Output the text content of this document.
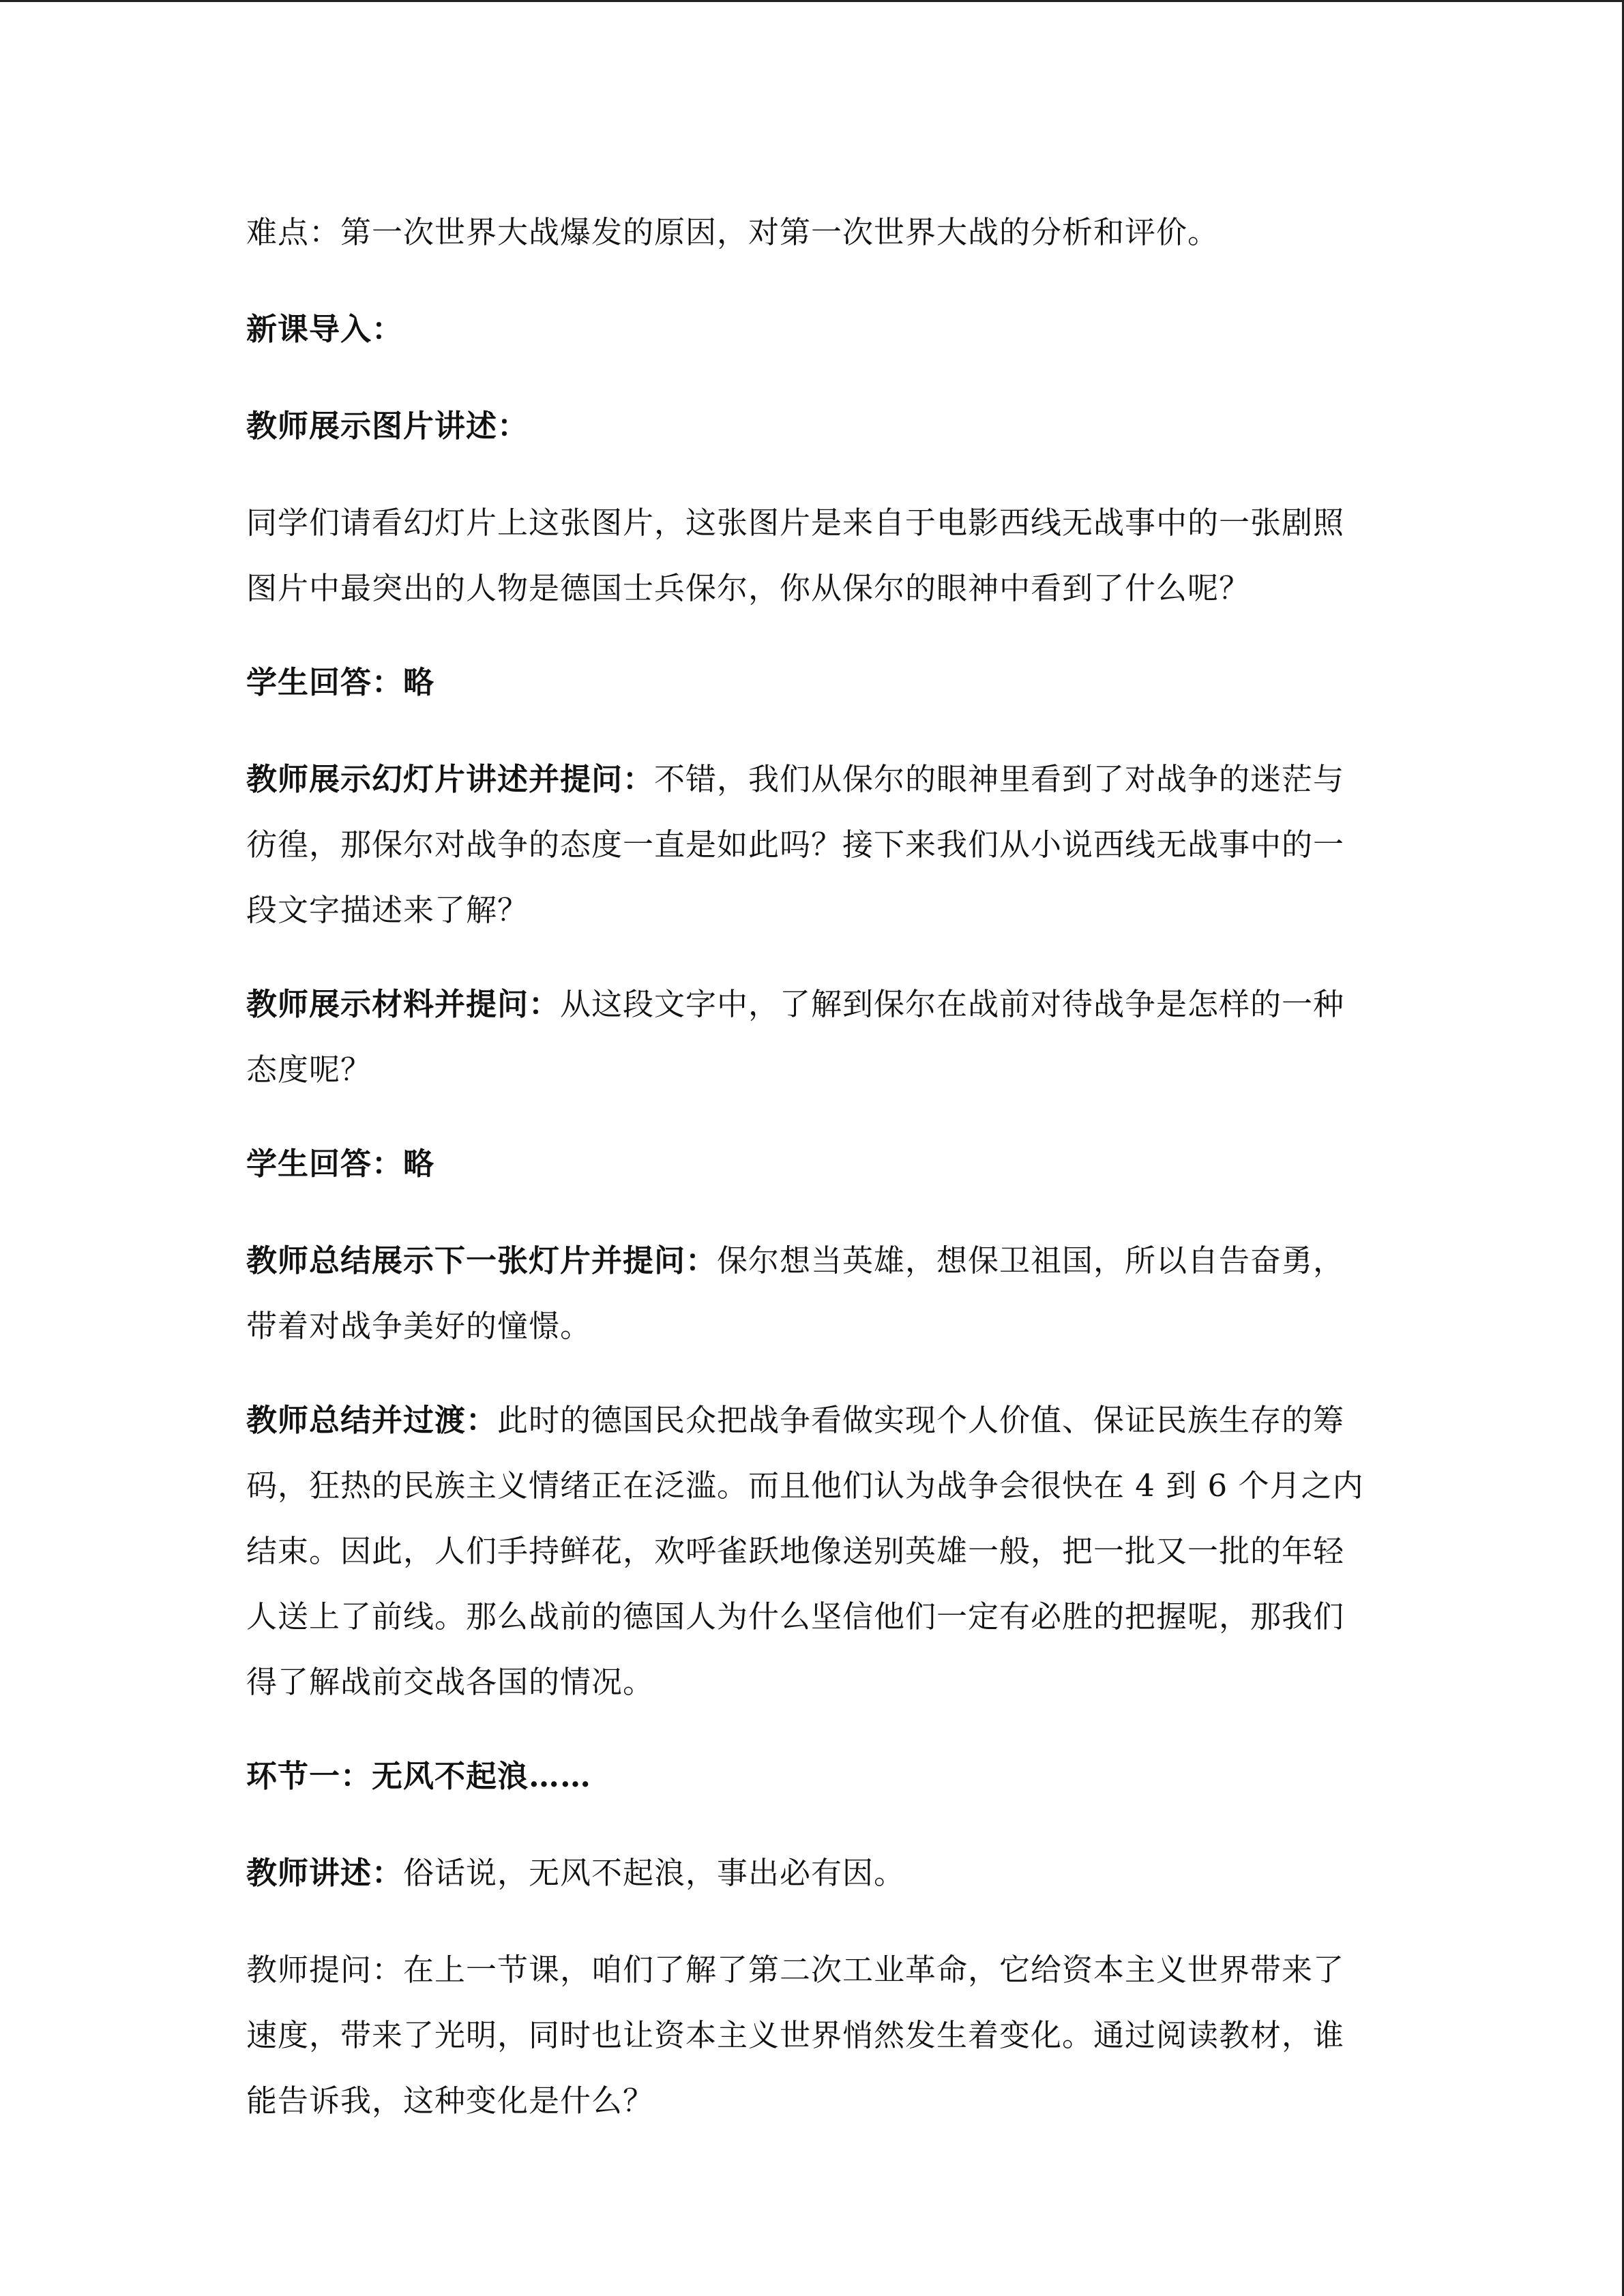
难点：第一次世界大战爆发的原因，对第一次世界大战的分析和评价。

新课导入：

教师展示图片讲述：

同学们请看幻灯片上这张图片，这张图片是来自于电影西线无战事中的一张剧照图片中最突出的人物是德国士兵保尔，你从保尔的眼神中看到了什么呢？

学生回答：略

教师展示幻灯片讲述并提问：不错，我们从保尔的眼神里看到了对战争的迷茫与彷徨，那保尔对战争的态度一直是如此吗？接下来我们从小说西线无战事中的一段文字描述来了解？

教师展示材料并提问：从这段文字中，了解到保尔在战前对待战争是怎样的一种态度呢？

学生回答：略

教师总结展示下一张灯片并提问：保尔想当英雄，想保卫祖国，所以自告奋勇，带着对战争美好的憧憬。

教师总结并过渡：此时的德国民众把战争看做实现个人价值、保证民族生存的筹码，狂热的民族主义情绪正在泛滥。而且他们认为战争会很快在 4 到 6 个月之内结束。因此，人们手持鲜花，欢呼雀跃地像送别英雄一般，把一批又一批的年轻人送上了前线。那么战前的德国人为什么坚信他们一定有必胜的把握呢，那我们得了解战前交战各国的情况。

环节一：无风不起浪……

教师讲述：俗话说，无风不起浪，事出必有因。

教师提问：在上一节课，咱们了解了第二次工业革命，它给资本主义世界带来了速度，带来了光明，同时也让资本主义世界悄然发生着变化。通过阅读教材，谁能告诉我，这种变化是什么？
